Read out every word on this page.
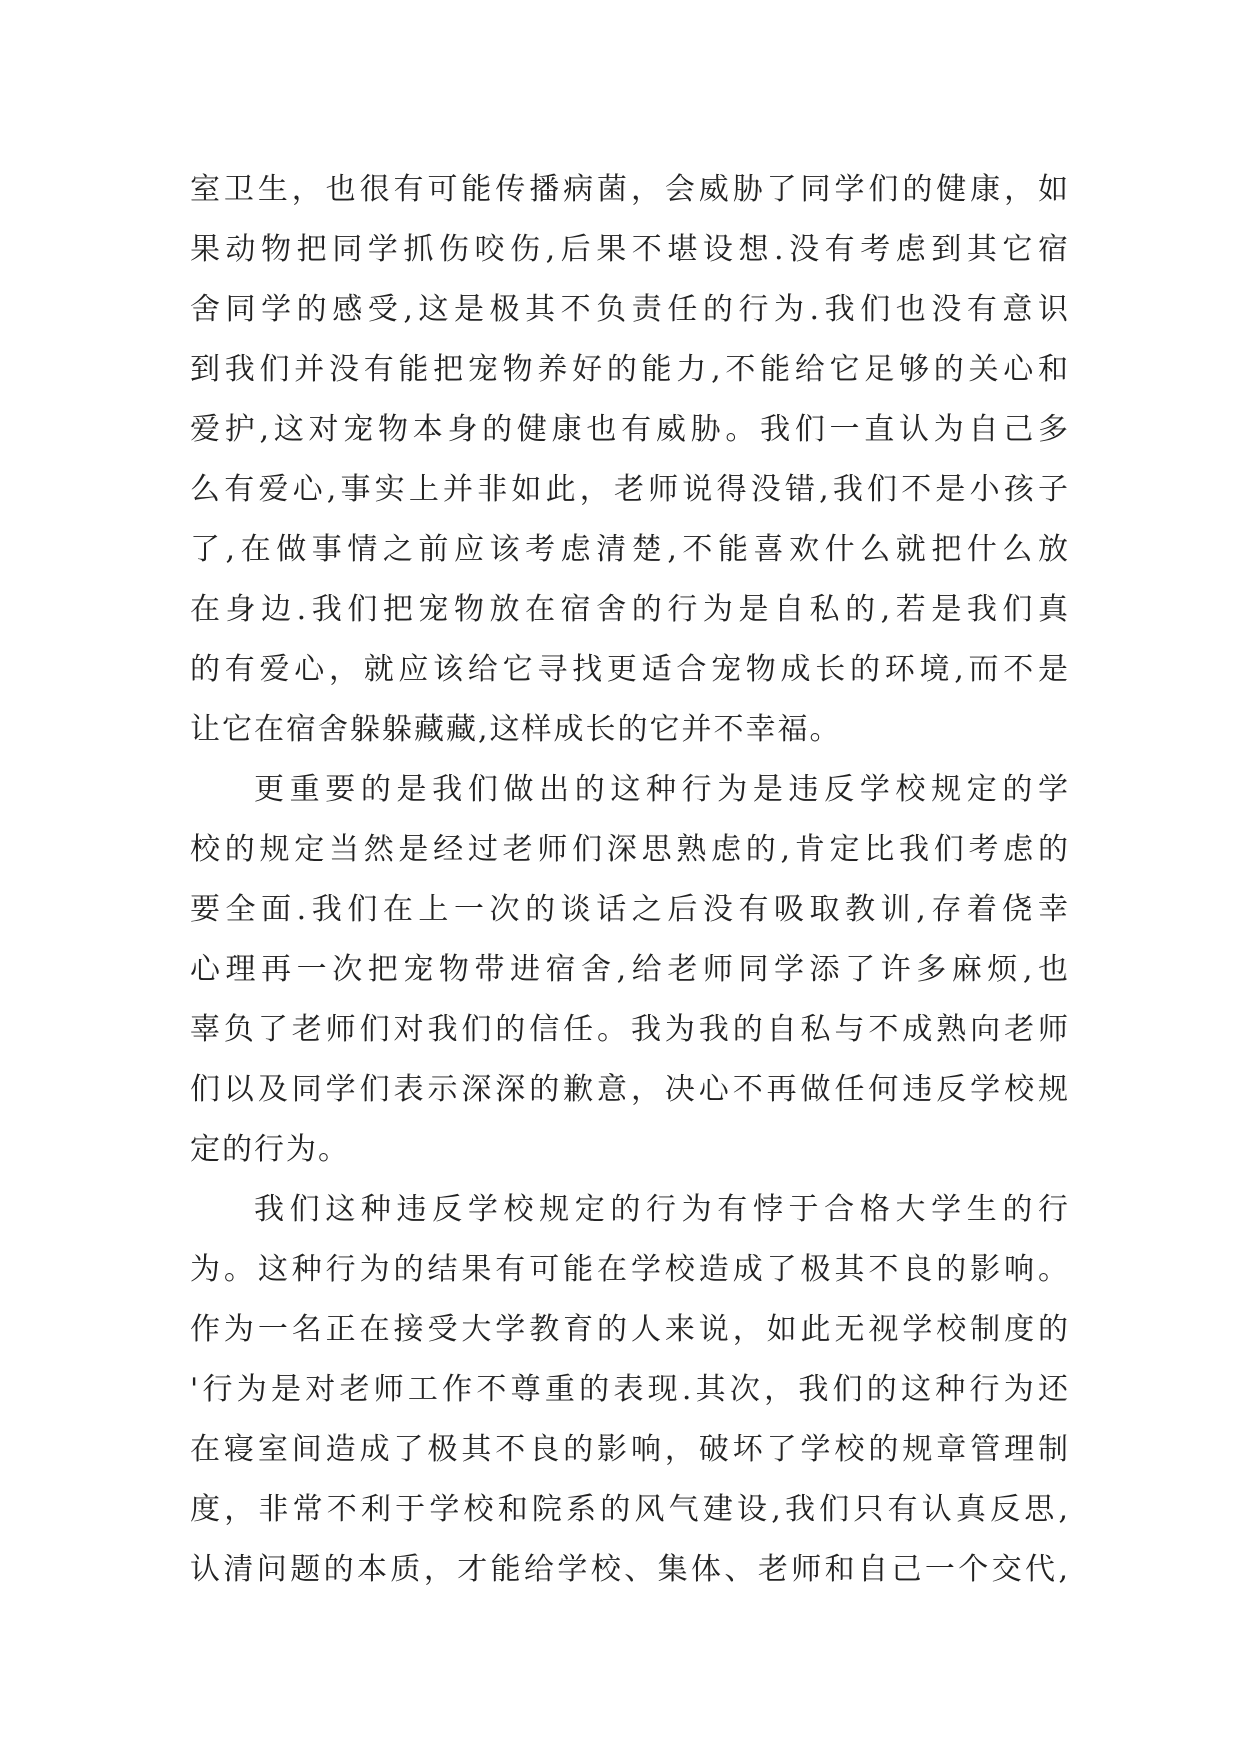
室卫生，也很有可能传播病菌，会威胁了同学们的健康，如
果动物把同学抓伤咬伤,后果不堪设想.没有考虑到其它宿
舍同学的感受,这是极其不负责任的行为.我们也没有意识
到我们并没有能把宠物养好的能力,不能给它足够的关心和
爱护,这对宠物本身的健康也有威胁。我们一直认为自己多
么有爱心,事实上并非如此，老师说得没错,我们不是小孩子
了,在做事情之前应该考虑清楚,不能喜欢什么就把什么放
在身边.我们把宠物放在宿舍的行为是自私的,若是我们真
的有爱心，就应该给它寻找更适合宠物成长的环境,而不是
让它在宿舍躲躲藏藏,这样成长的它并不幸福。
更重要的是我们做出的这种行为是违反学校规定的学
校的规定当然是经过老师们深思熟虑的,肯定比我们考虑的
要全面.我们在上一次的谈话之后没有吸取教训,存着侥幸
心理再一次把宠物带进宿舍,给老师同学添了许多麻烦,也
辜负了老师们对我们的信任。我为我的自私与不成熟向老师
们以及同学们表示深深的歉意，决心不再做任何违反学校规
定的行为。
我们这种违反学校规定的行为有悖于合格大学生的行
为。这种行为的结果有可能在学校造成了极其不良的影响。
作为一名正在接受大学教育的人来说，如此无视学校制度的
'行为是对老师工作不尊重的表现.其次，我们的这种行为还
在寝室间造成了极其不良的影响，破坏了学校的规章管理制
度，非常不利于学校和院系的风气建设,我们只有认真反思,
认清问题的本质，才能给学校、集体、老师和自己一个交代,
